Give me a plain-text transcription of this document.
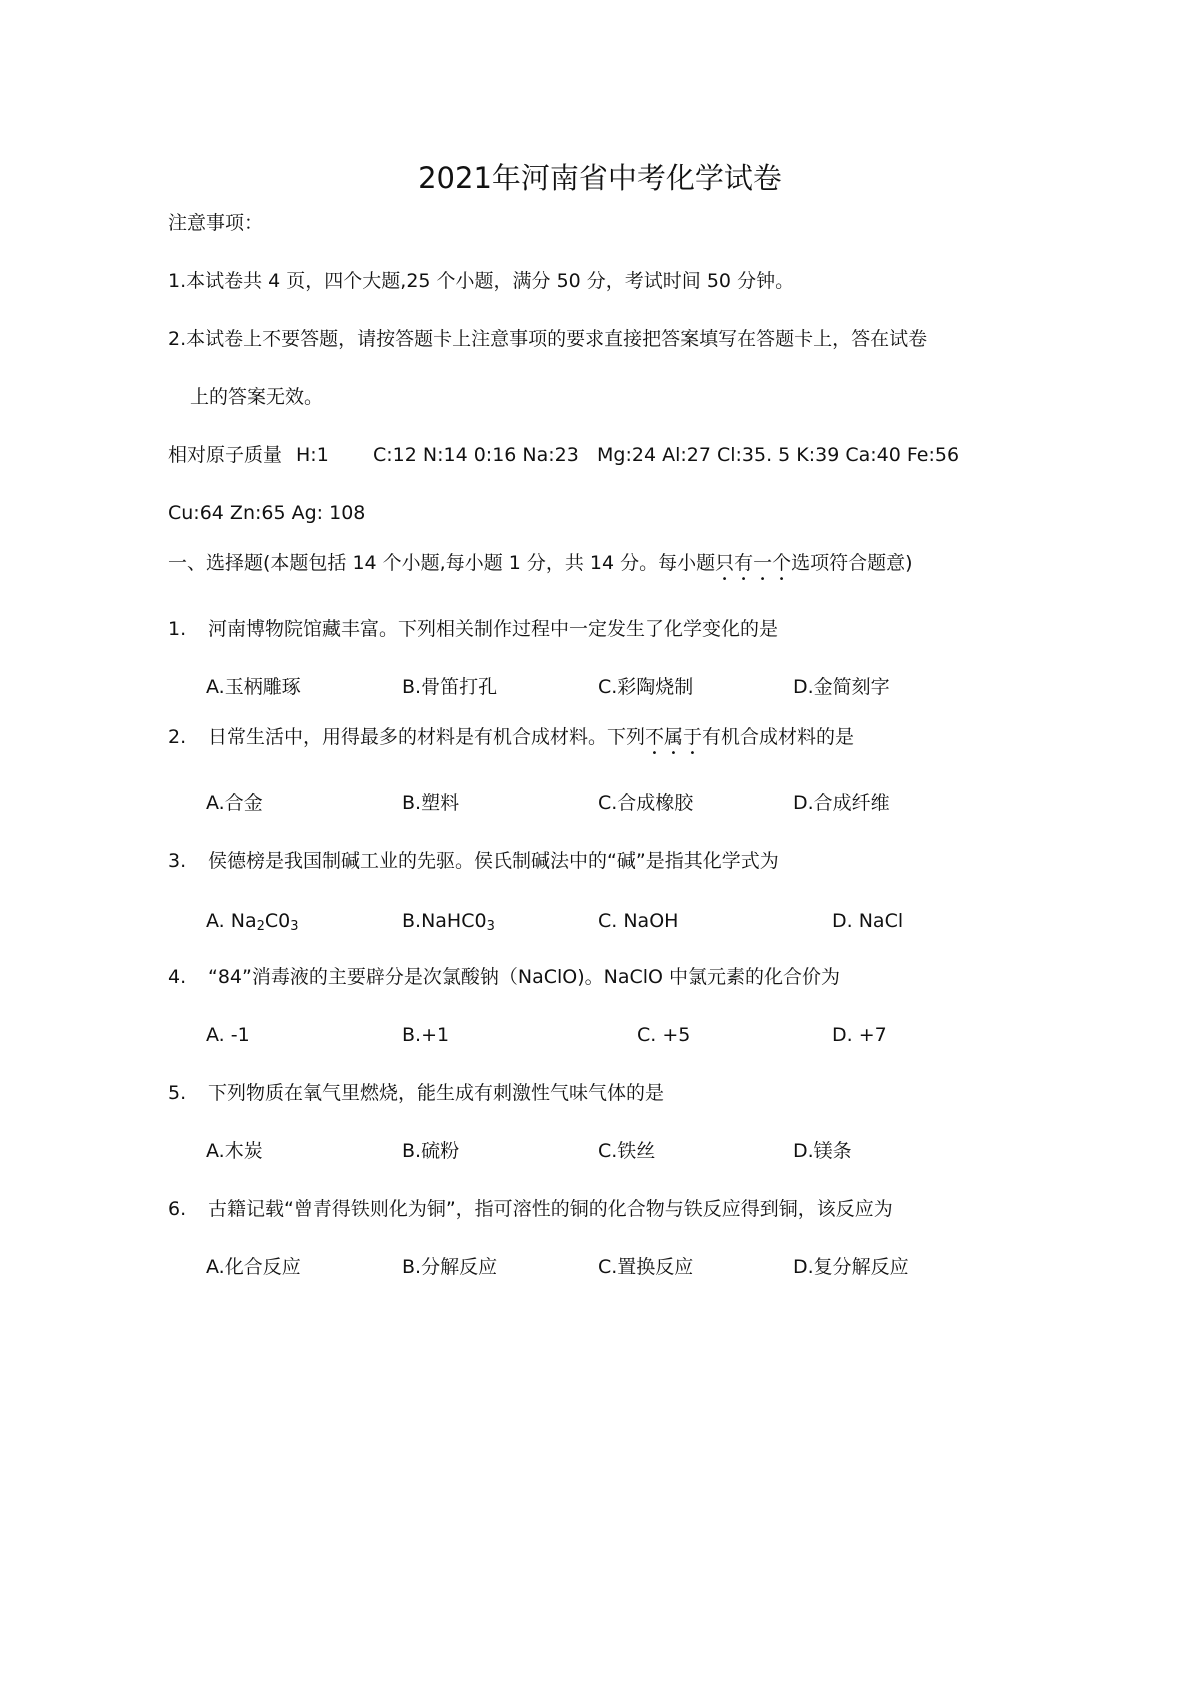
2021年河南省中考化学试卷
注意事项：
1.本试卷共 4 页，四个大题,25 个小题，满分 50 分，考试时间 50 分钟。
2.本试卷上不要答题，请按答题卡上注意事项的要求直接把答案填写在答题卡上，答在试卷
上的答案无效。
相对原子质量 H:1 C:12 N:14 0:16 Na:23 Mg:24 Al:27 Cl:35. 5 K:39 Ca:40 Fe:56
Cu:64 Zn:65 Ag: 108
一、选择题(本题包括 14 个小题,每小题 1 分，共 14 分。每小题只有一个选项符合题意)
1. 河南博物院馆藏丰富。下列相关制作过程中一定发生了化学变化的是
A.玉柄雕琢	B.骨笛打孔	C.彩陶烧制	D.金简刻字
2. 日常生活中，用得最多的材料是有机合成材料。下列不属于有机合成材料的是
A.合金	B.塑料	C.合成橡胶	D.合成纤维
3. 侯德榜是我国制碱工业的先驱。侯氏制碱法中的“碱”是指其化学式为
A. $Na_2C0_3$	$B.NaHC0_3$	C. NaOH	D. NaCl
4. “84”消毒液的主要辟分是次氯酸钠（NaClO)。NaClO 中氯元素的化合价为
A. -1	B.+1	C. +5	D. +7
5. 下列物质在氧气里燃烧，能生成有刺激性气味气体的是
A.木炭	B.硫粉	C.铁丝	D.镁条
6. 古籍记载“曾青得铁则化为铜”，指可溶性的铜的化合物与铁反应得到铜，该反应为
A.化合反应	B.分解反应	C.置换反应	D.复分解反应
